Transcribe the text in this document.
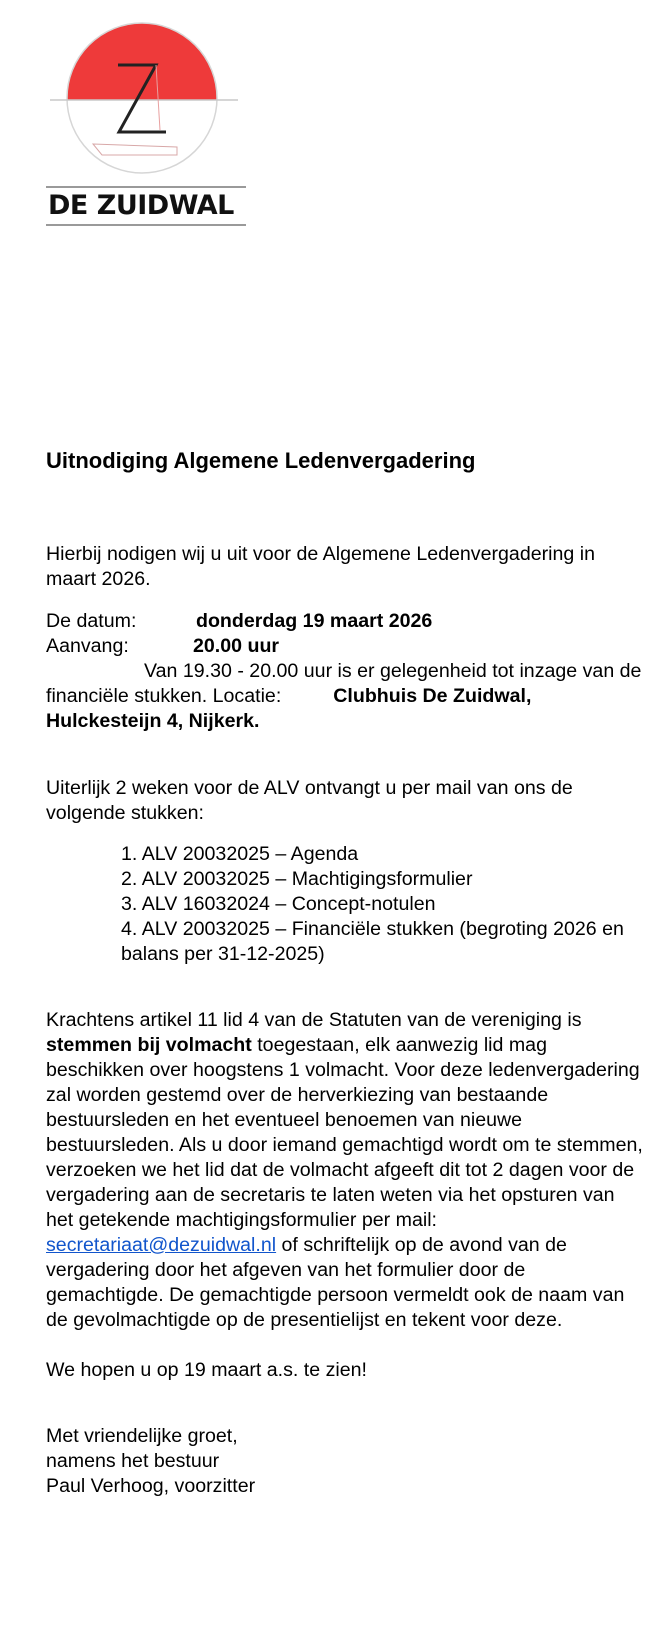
DE ZUIDWAL
Uitnodiging Algemene Ledenvergadering

Hierbij nodigen wij u uit voor de Algemene Ledenvergadering in maart 2026.

De datum:	donderdag 19 maart 2026
Aanvang:	20.00 uur
Van 19.30 - 20.00 uur is er gelegenheid tot inzage van de financiële stukken. Locatie:	Clubhuis De Zuidwal, Hulckesteijn 4, Nijkerk.

Uiterlijk 2 weken voor de ALV ontvangt u per mail van ons de volgende stukken:

1. ALV 20032025 – Agenda
2. ALV 20032025 – Machtigingsformulier
3. ALV 16032024 – Concept-notulen
4. ALV 20032025 – Financiële stukken (begroting 2026 en balans per 31-12-2025)

Krachtens artikel 11 lid 4 van de Statuten van de vereniging is stemmen bij volmacht toegestaan, elk aanwezig lid mag beschikken over hoogstens 1 volmacht. Voor deze ledenvergadering zal worden gestemd over de herverkiezing van bestaande bestuursleden en het eventueel benoemen van nieuwe bestuursleden. Als u door iemand gemachtigd wordt om te stemmen, verzoeken we het lid dat de volmacht afgeeft dit tot 2 dagen voor de vergadering aan de secretaris te laten weten via het opsturen van het getekende machtigingsformulier per mail: secretariaat@dezuidwal.nl of schriftelijk op de avond van de vergadering door het afgeven van het formulier door de gemachtigde. De gemachtigde persoon vermeldt ook de naam van de gevolmachtigde op de presentielijst en tekent voor deze.

We hopen u op 19 maart a.s. te zien!

Met vriendelijke groet,
namens het bestuur
Paul Verhoog, voorzitter
